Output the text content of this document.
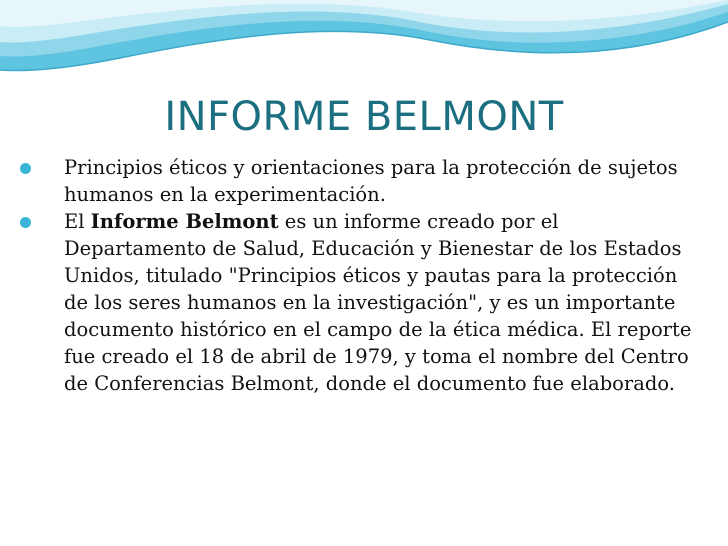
INFORME BELMONT

Principios éticos y orientaciones para la protección de sujetos humanos en la experimentación.

El Informe Belmont es un informe creado por el Departamento de Salud, Educación y Bienestar de los Estados Unidos, titulado "Principios éticos y pautas para la protección de los seres humanos en la investigación", y es un importante documento histórico en el campo de la ética médica. El reporte fue creado el 18 de abril de 1979, y toma el nombre del Centro de Conferencias Belmont, donde el documento fue elaborado.
